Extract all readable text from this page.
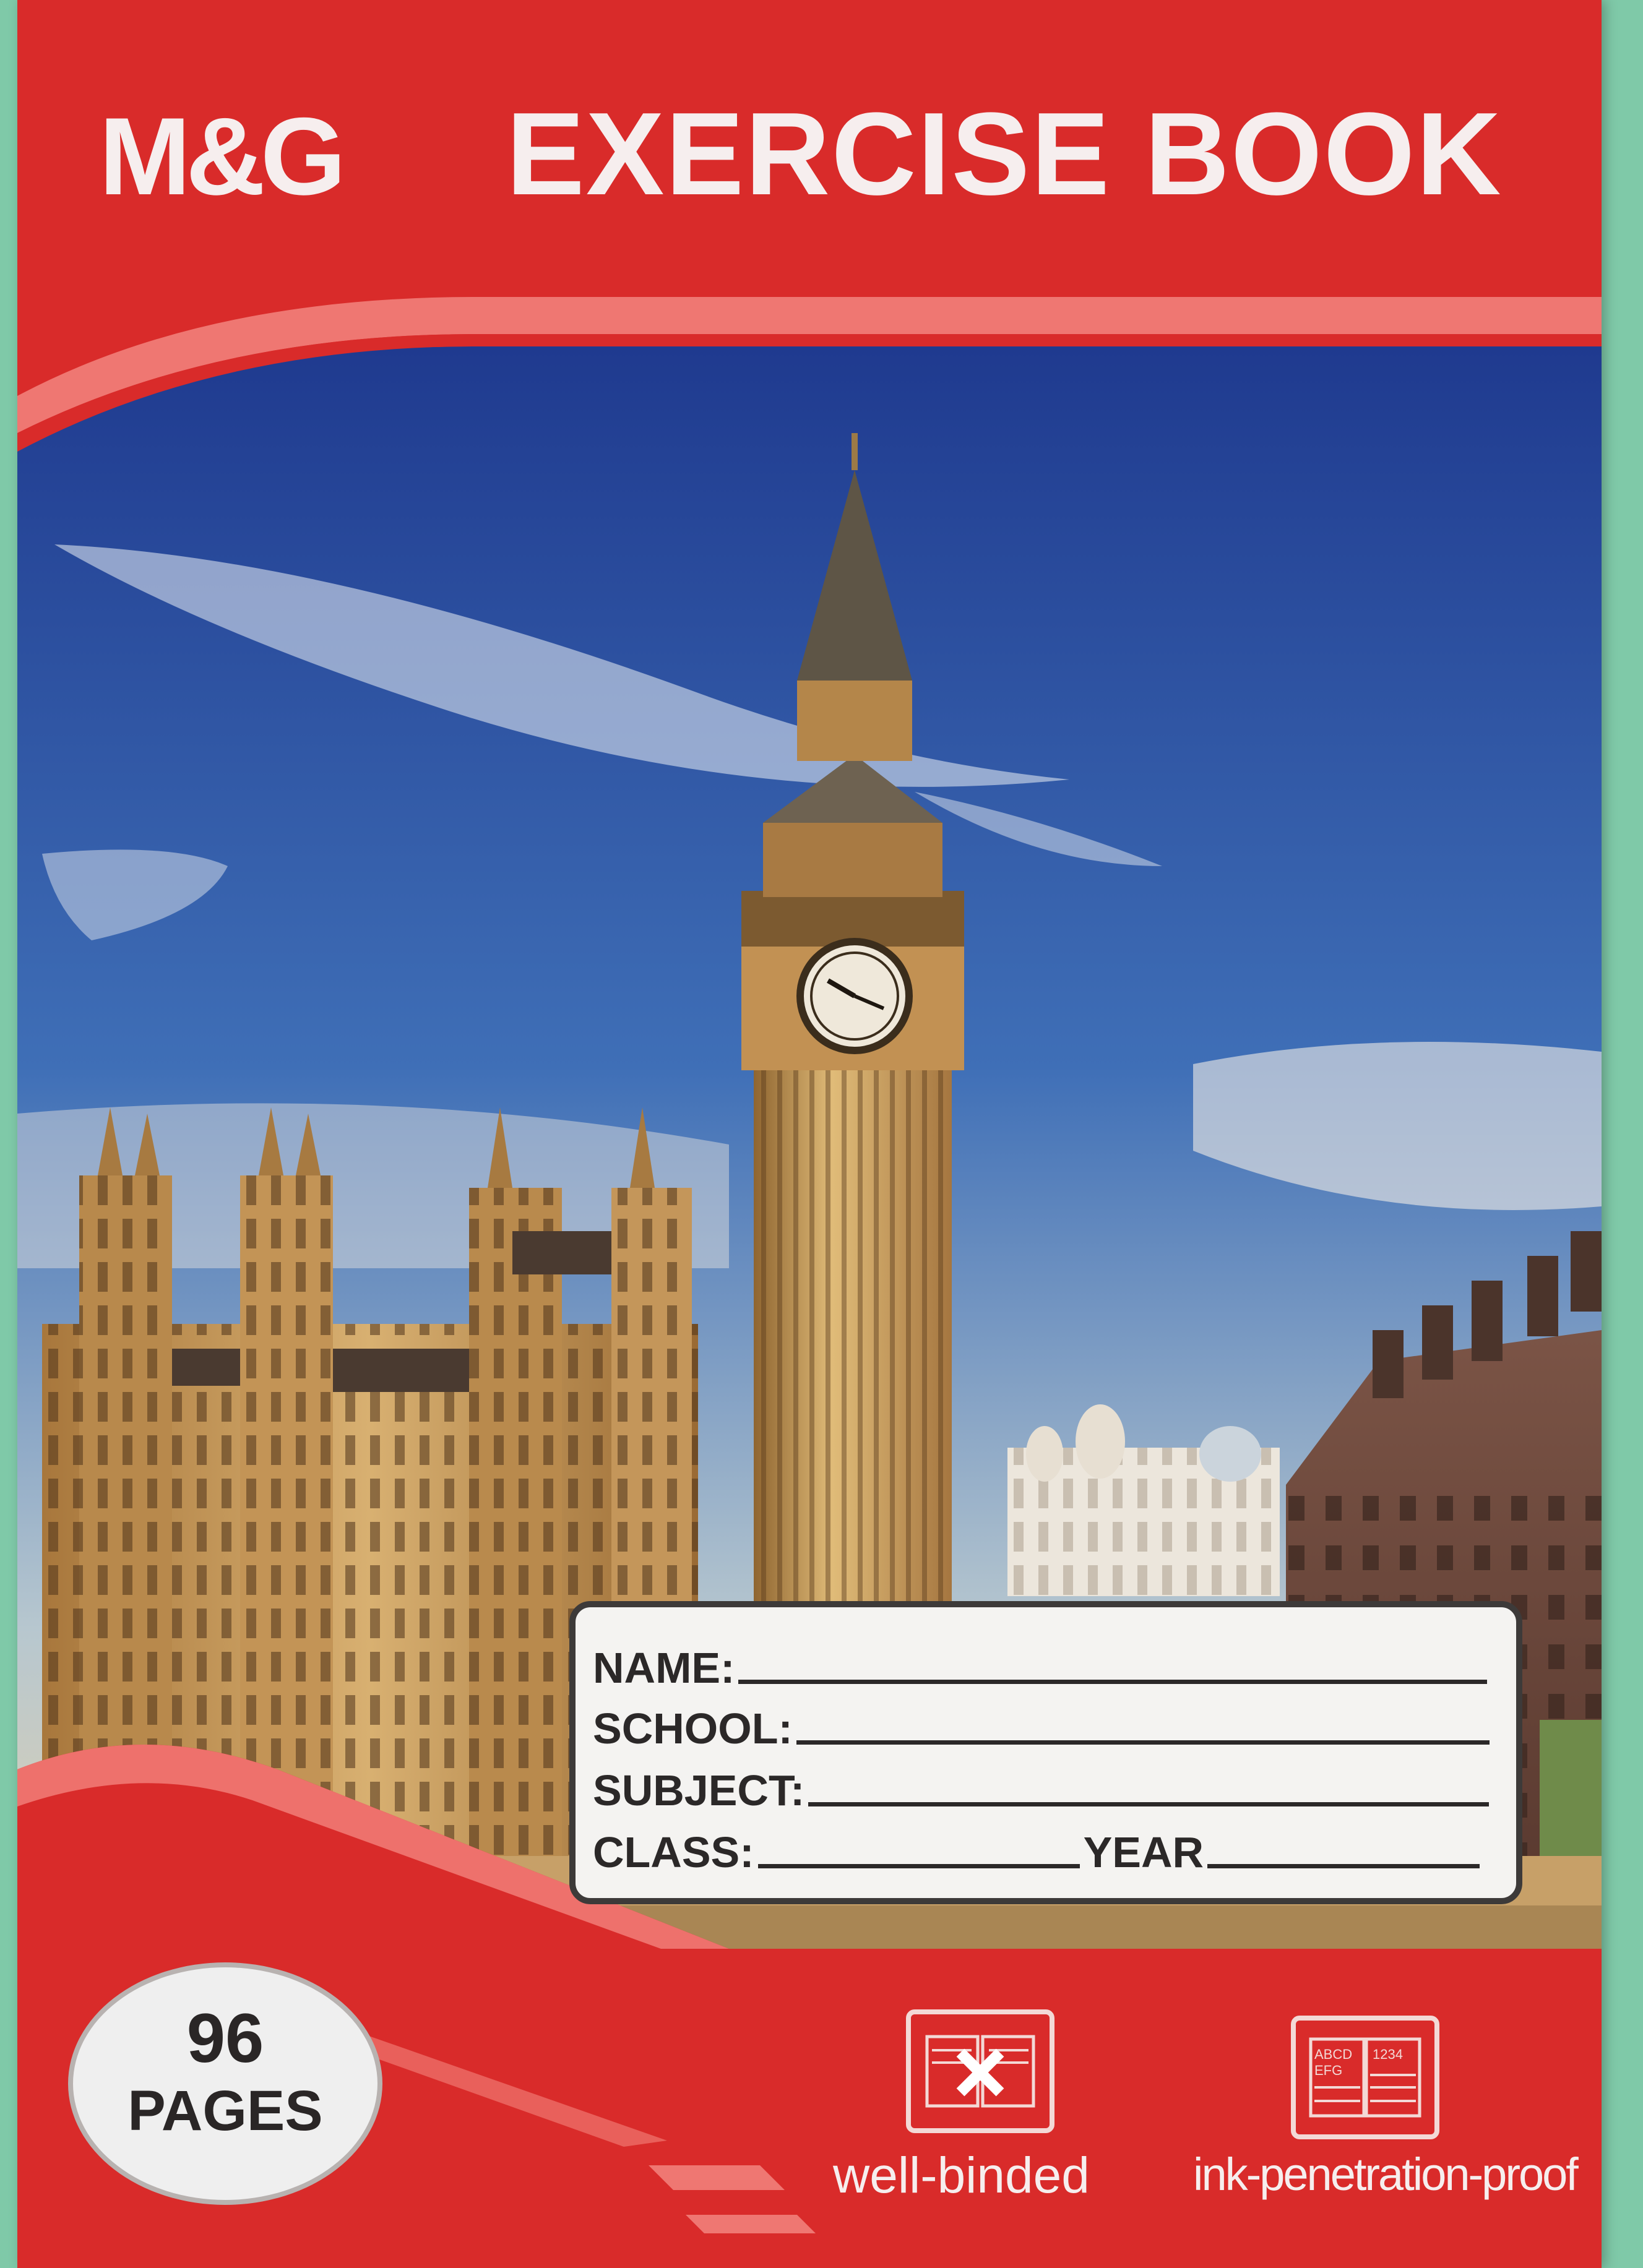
M&G EXERCISE BOOK
NAME:
SCHOOL:
SUBJECT:
CLASS:	YEAR
96
PAGES
well-binded
ABCD
EFG
1234
ink-penetration-proof
